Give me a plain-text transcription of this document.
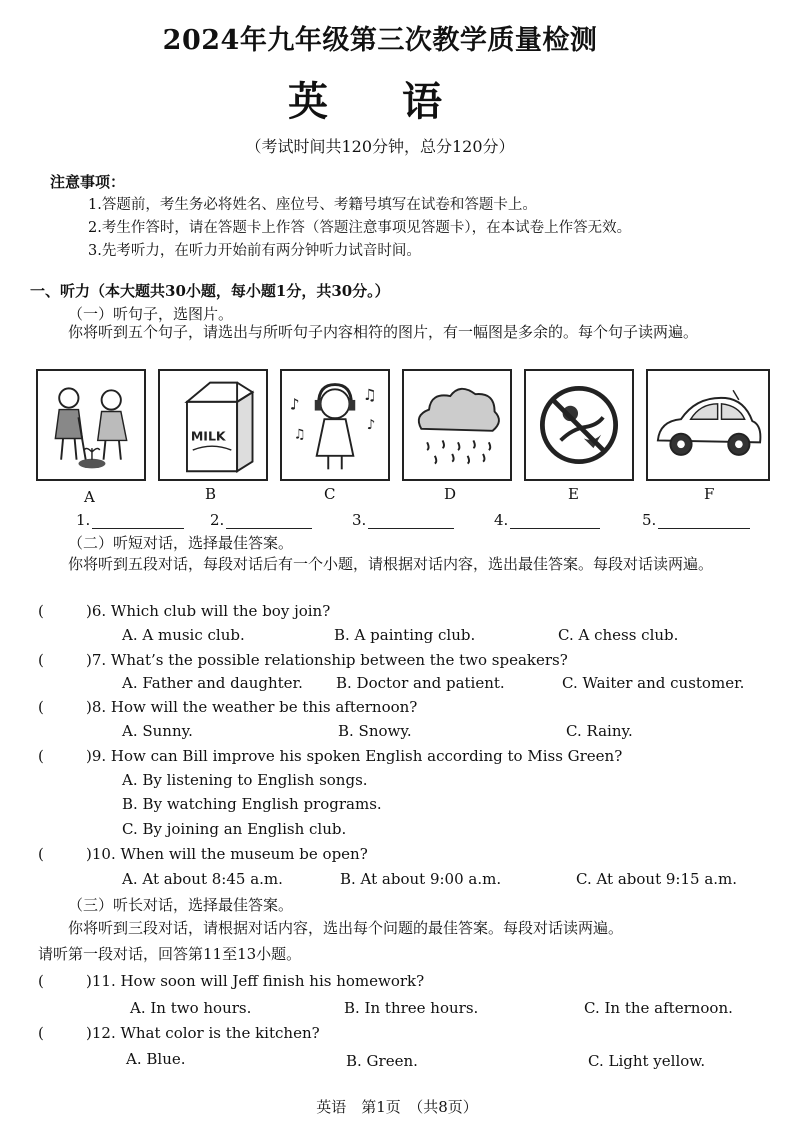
2024年九年级第三次教学质量检测
英 语
（考试时间共120分钟，总分120分）
注意事项：
1.答题前，考生务必将姓名、座位号、考籍号填写在试卷和答题卡上。
2.考生作答时，请在答题卡上作答（答题注意事项见答题卡），在本试卷上作答无效。
3.先考听力，在听力开始前有两分钟听力试音时间。
一、听力（本大题共30小题，每小题1分，共30分。）
（一）听句子，选图片。
你将听到五个句子，请选出与所听句子内容相符的图片，有一幅图是多余的。每个句子读两遍。
MILK
♪
♫
♪
♫
A	B	C	D	E	F
1.	2.	3.	4.	5.
（二）听短对话，选择最佳答案。
你将听到五段对话，每段对话后有一个小题，请根据对话内容，选出最佳答案。每段对话读两遍。
(	)6. Which club will the boy join?
A. A music club.	B. A painting club.	C. A chess club.
(	)7. What’s the possible relationship between the two speakers?
A. Father and daughter. B. Doctor and patient.	C. Waiter and customer.
(	)8. How will the weather be this afternoon?
A. Sunny.	B. Snowy.	C. Rainy.
(	)9. How can Bill improve his spoken English according to Miss Green?
A. By listening to English songs.
B. By watching English programs.
C. By joining an English club.
(	)10. When will the museum be open?
A. At about 8:45 a.m.	B. At about 9:00 a.m.	C. At about 9:15 a.m.
（三）听长对话，选择最佳答案。
你将听到三段对话，请根据对话内容，选出每个问题的最佳答案。每段对话读两遍。
请听第一段对话，回答第11至13小题。
(	)11. How soon will Jeff finish his homework?
A. In two hours.	B. In three hours.	C. In the afternoon.
(	)12. What color is the kitchen?
A. Blue.	B. Green.	C. Light yellow.
英语　第1页　（共8页）
